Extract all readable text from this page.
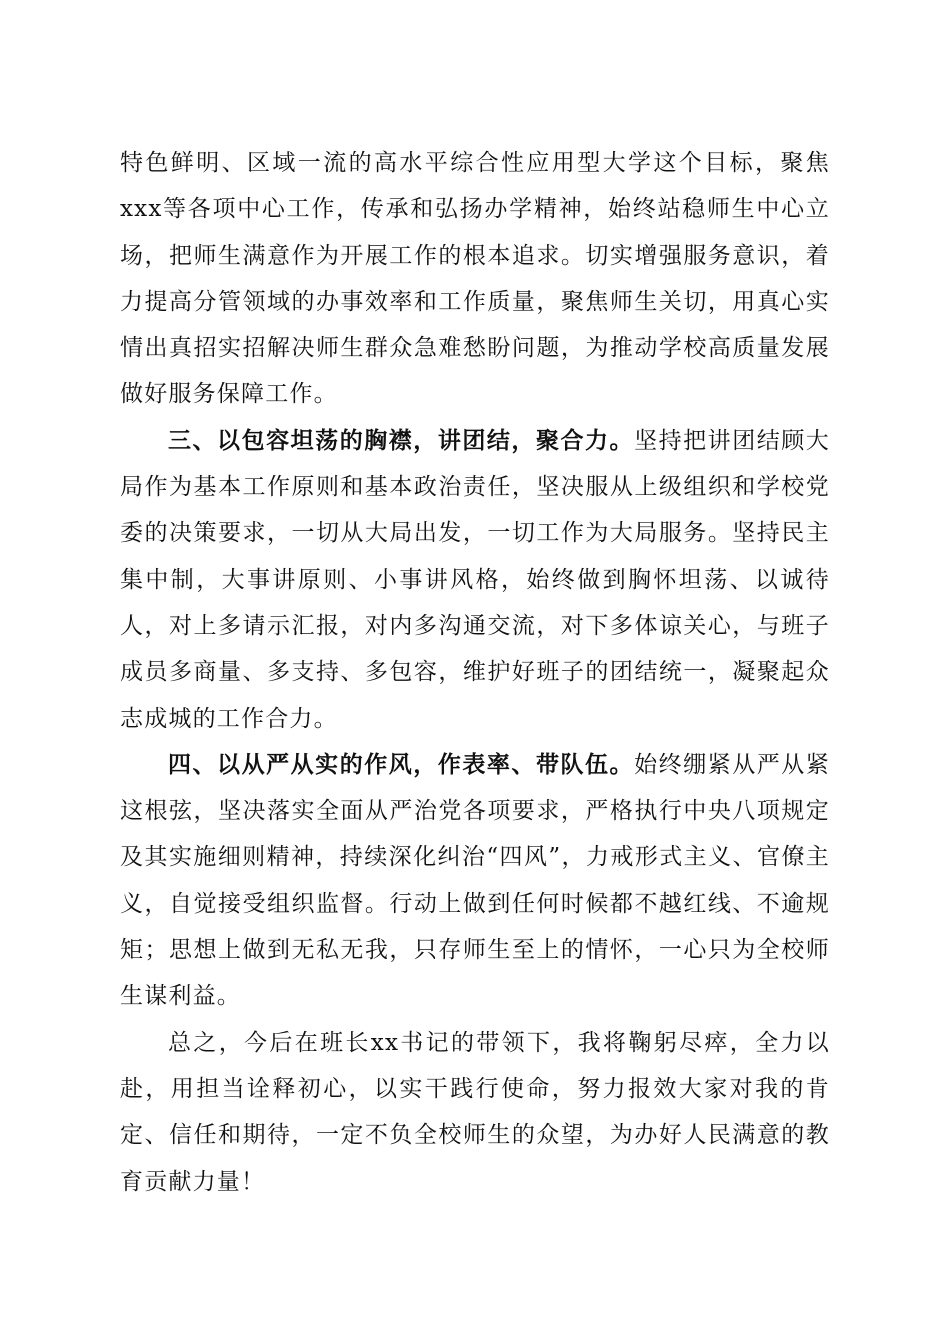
特色鲜明、区域一流的高水平综合性应用型大学这个目标，聚焦xxx等各项中心工作，传承和弘扬办学精神，始终站稳师生中心立场，把师生满意作为开展工作的根本追求。切实增强服务意识，着力提高分管领域的办事效率和工作质量，聚焦师生关切，用真心实情出真招实招解决师生群众急难愁盼问题，为推动学校高质量发展做好服务保障工作。

三、以包容坦荡的胸襟，讲团结，聚合力。坚持把讲团结顾大局作为基本工作原则和基本政治责任，坚决服从上级组织和学校党委的决策要求，一切从大局出发，一切工作为大局服务。坚持民主集中制，大事讲原则、小事讲风格，始终做到胸怀坦荡、以诚待人，对上多请示汇报，对内多沟通交流，对下多体谅关心，与班子成员多商量、多支持、多包容，维护好班子的团结统一，凝聚起众志成城的工作合力。

四、以从严从实的作风，作表率、带队伍。始终绷紧从严从紧这根弦，坚决落实全面从严治党各项要求，严格执行中央八项规定及其实施细则精神，持续深化纠治“四风”，力戒形式主义、官僚主义，自觉接受组织监督。行动上做到任何时候都不越红线、不逾规矩；思想上做到无私无我，只存师生至上的情怀，一心只为全校师生谋利益。

总之，今后在班长xx书记的带领下，我将鞠躬尽瘁，全力以赴，用担当诠释初心，以实干践行使命，努力报效大家对我的肯定、信任和期待，一定不负全校师生的众望，为办好人民满意的教育贡献力量！
